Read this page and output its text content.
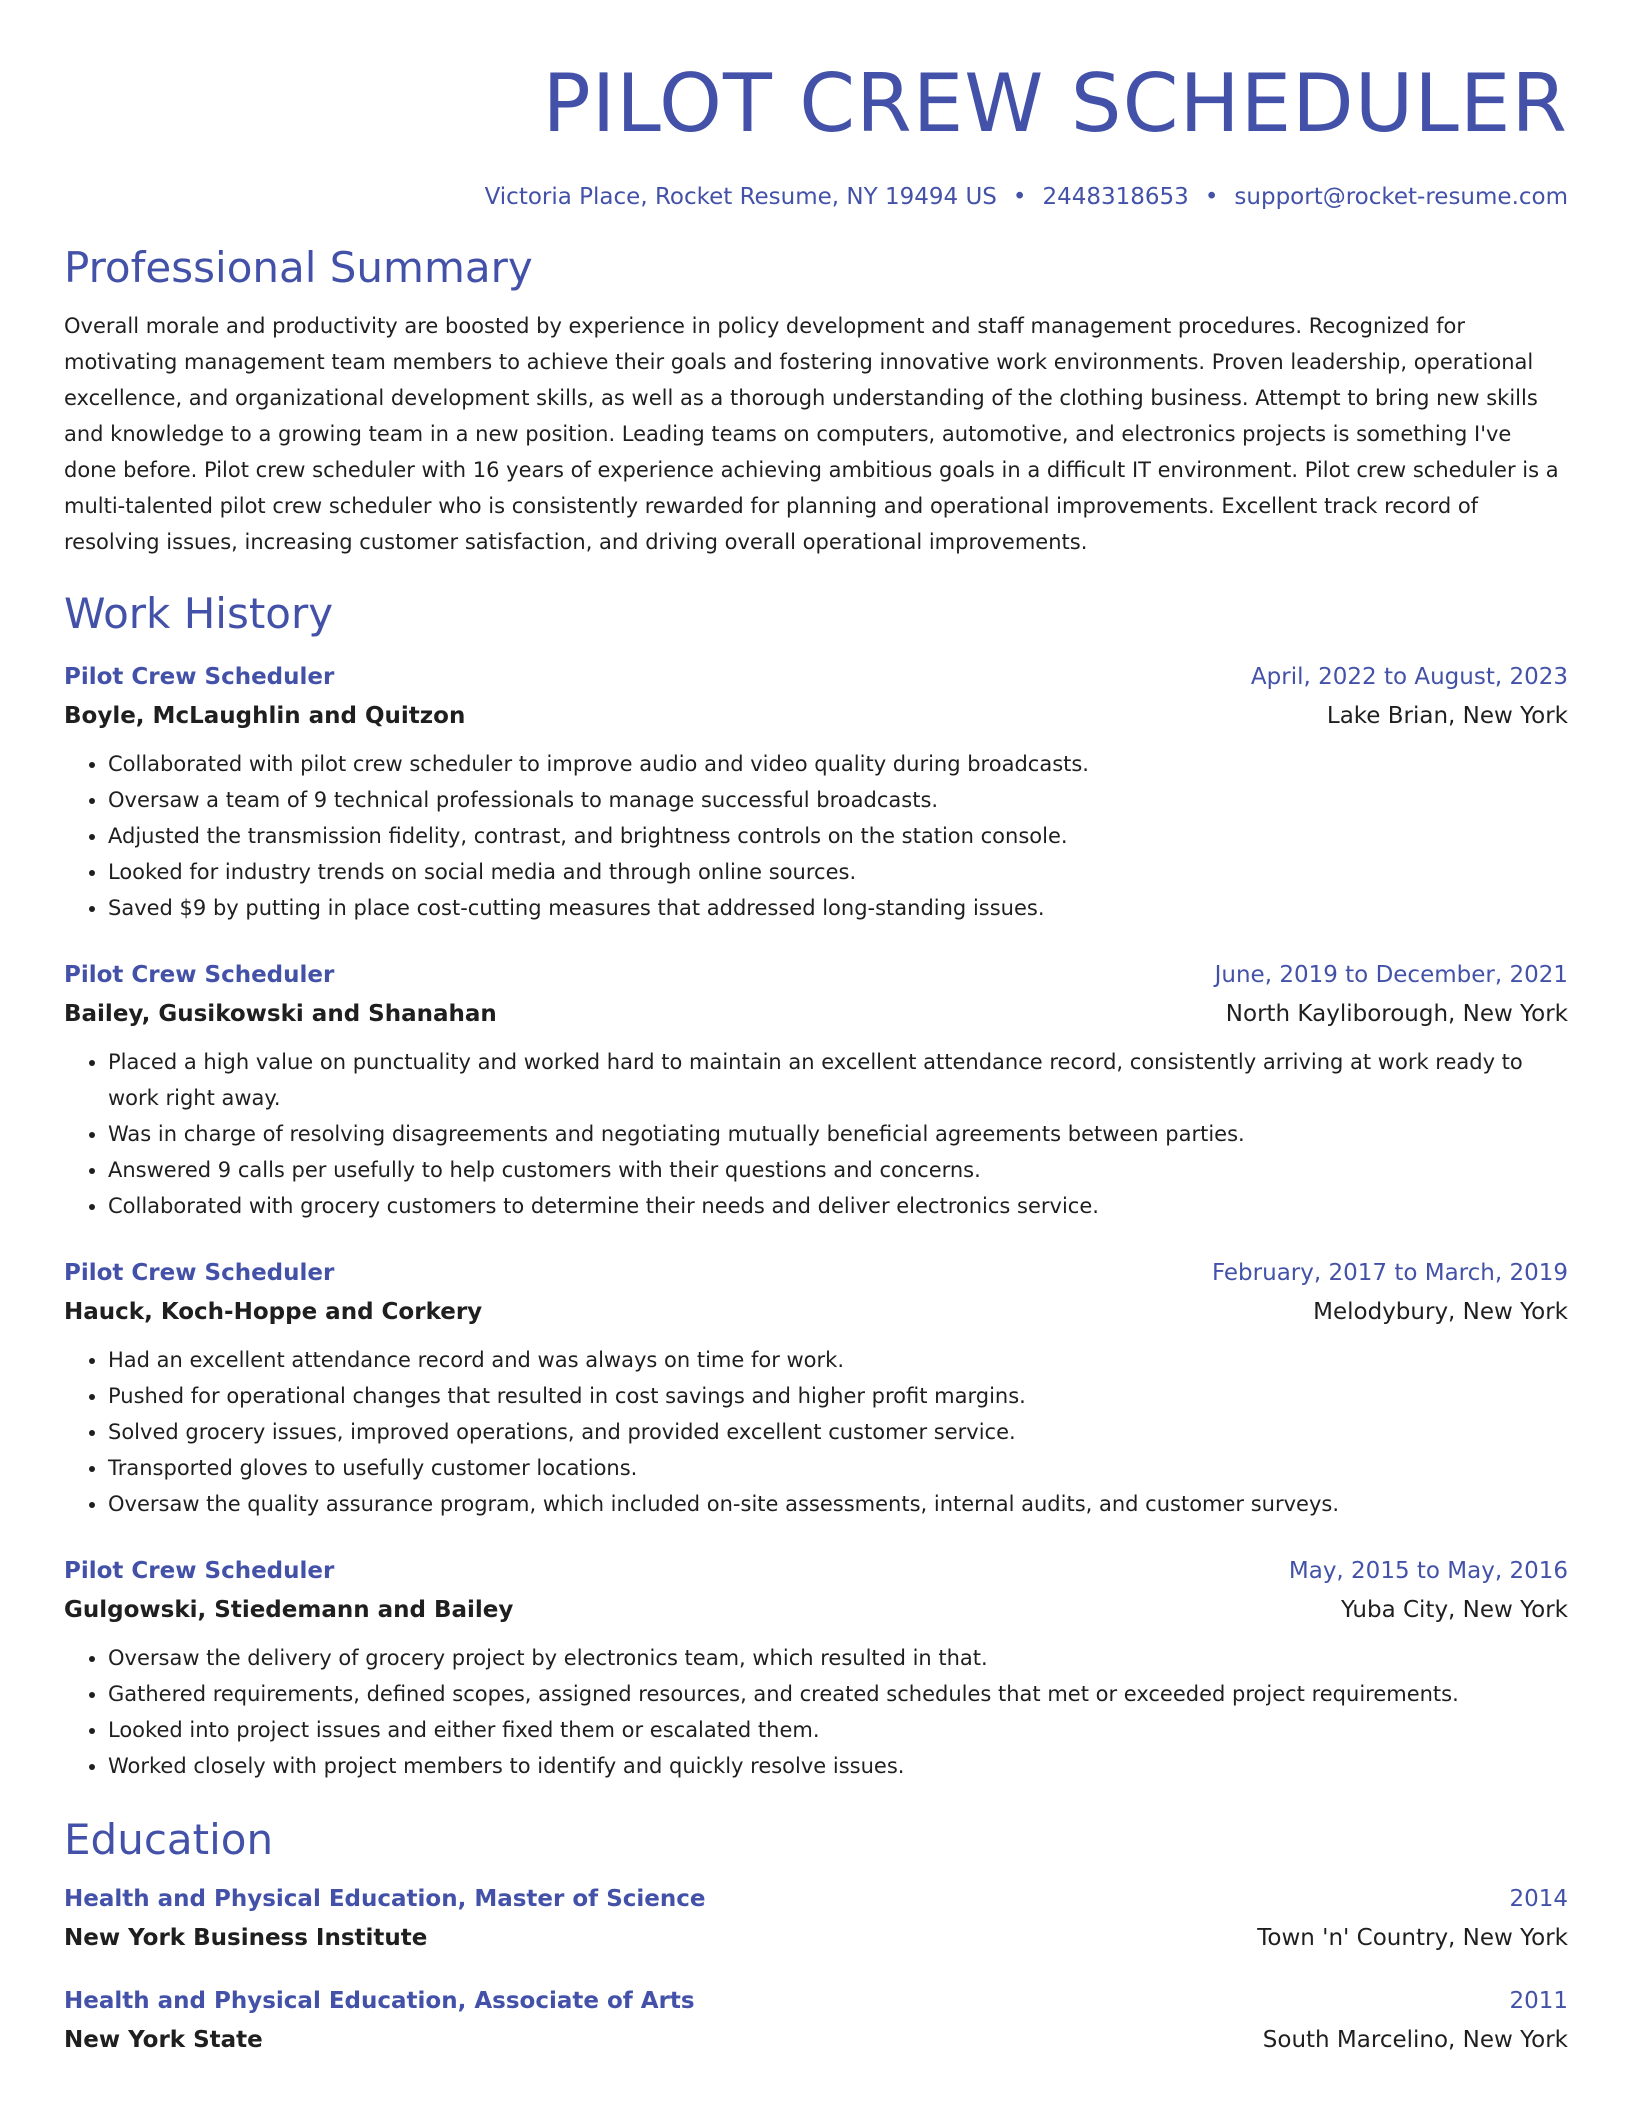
PILOT CREW SCHEDULER
Victoria Place, Rocket Resume, NY 19494 US • 2448318653 • support@rocket-resume.com
Professional Summary
Overall morale and productivity are boosted by experience in policy development and staff management procedures. Recognized for motivating management team members to achieve their goals and fostering innovative work environments. Proven leadership, operational excellence, and organizational development skills, as well as a thorough understanding of the clothing business. Attempt to bring new skills and knowledge to a growing team in a new position. Leading teams on computers, automotive, and electronics projects is something I've done before. Pilot crew scheduler with 16 years of experience achieving ambitious goals in a difficult IT environment. Pilot crew scheduler is a multi-talented pilot crew scheduler who is consistently rewarded for planning and operational improvements. Excellent track record of resolving issues, increasing customer satisfaction, and driving overall operational improvements.
Work History
Pilot Crew Scheduler	April, 2022 to August, 2023
Boyle, McLaughlin and Quitzon	Lake Brian, New York
• Collaborated with pilot crew scheduler to improve audio and video quality during broadcasts.
• Oversaw a team of 9 technical professionals to manage successful broadcasts.
• Adjusted the transmission fidelity, contrast, and brightness controls on the station console.
• Looked for industry trends on social media and through online sources.
• Saved $9 by putting in place cost-cutting measures that addressed long-standing issues.
Pilot Crew Scheduler	June, 2019 to December, 2021
Bailey, Gusikowski and Shanahan	North Kayliborough, New York
• Placed a high value on punctuality and worked hard to maintain an excellent attendance record, consistently arriving at work ready to work right away.
• Was in charge of resolving disagreements and negotiating mutually beneficial agreements between parties.
• Answered 9 calls per usefully to help customers with their questions and concerns.
• Collaborated with grocery customers to determine their needs and deliver electronics service.
Pilot Crew Scheduler	February, 2017 to March, 2019
Hauck, Koch-Hoppe and Corkery	Melodybury, New York
• Had an excellent attendance record and was always on time for work.
• Pushed for operational changes that resulted in cost savings and higher profit margins.
• Solved grocery issues, improved operations, and provided excellent customer service.
• Transported gloves to usefully customer locations.
• Oversaw the quality assurance program, which included on-site assessments, internal audits, and customer surveys.
Pilot Crew Scheduler	May, 2015 to May, 2016
Gulgowski, Stiedemann and Bailey	Yuba City, New York
• Oversaw the delivery of grocery project by electronics team, which resulted in that.
• Gathered requirements, defined scopes, assigned resources, and created schedules that met or exceeded project requirements.
• Looked into project issues and either fixed them or escalated them.
• Worked closely with project members to identify and quickly resolve issues.
Education
Health and Physical Education, Master of Science	2014
New York Business Institute	Town 'n' Country, New York
Health and Physical Education, Associate of Arts	2011
New York State	South Marcelino, New York
